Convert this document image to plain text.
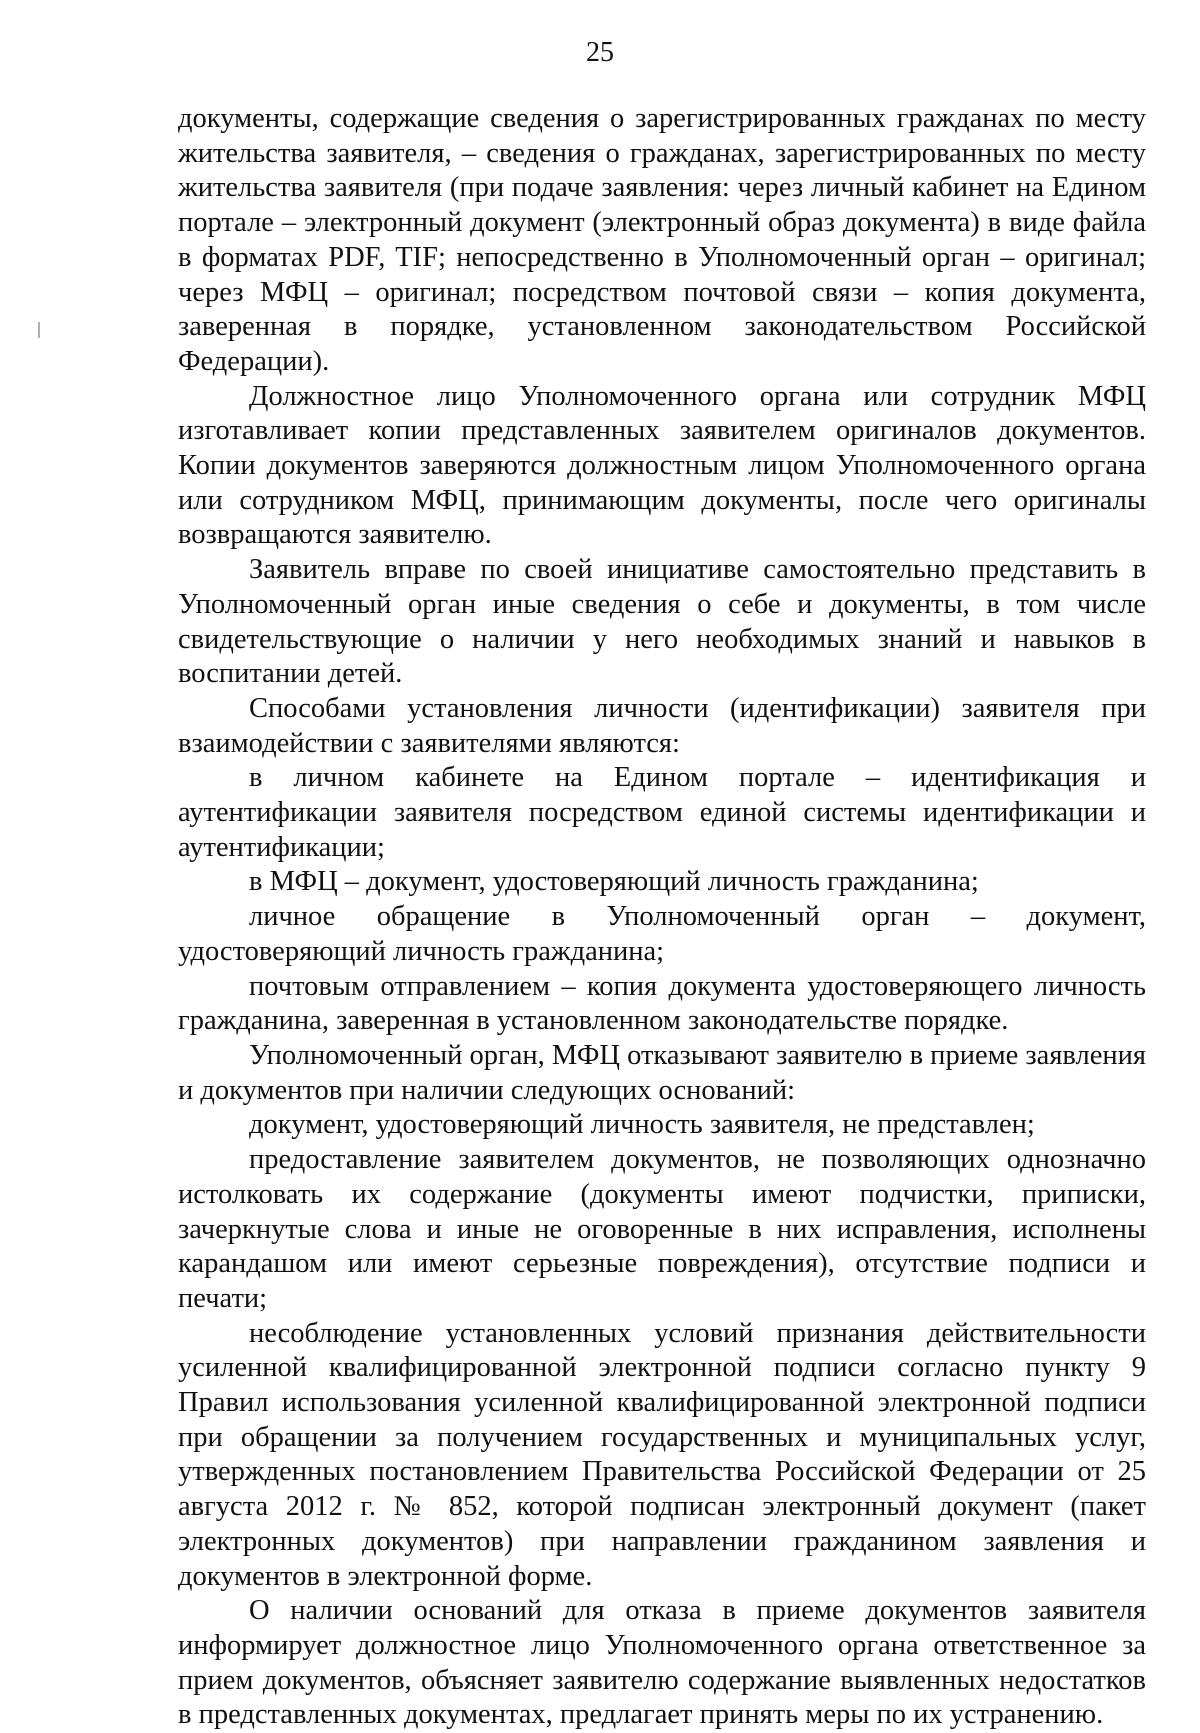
25

документы, содержащие сведения о зарегистрированных гражданах по месту жительства заявителя, – сведения о гражданах, зарегистрированных по месту жительства заявителя (при подаче заявления: через личный кабинет на Едином портале – электронный документ (электронный образ документа) в виде файла в форматах PDF, TIF; непосредственно в Уполномоченный орган – оригинал; через МФЦ – оригинал; посредством почтовой связи – копия документа, заверенная в порядке, установленном законодательством Российской Федерации).

Должностное лицо Уполномоченного органа или сотрудник МФЦ изготавливает копии представленных заявителем оригиналов документов. Копии документов заверяются должностным лицом Уполномоченного органа или сотрудником МФЦ, принимающим документы, после чего оригиналы возвращаются заявителю.

Заявитель вправе по своей инициативе самостоятельно представить в Уполномоченный орган иные сведения о себе и документы, в том числе свидетельствующие о наличии у него необходимых знаний и навыков в воспитании детей.

Способами установления личности (идентификации) заявителя при взаимодействии с заявителями являются:

в личном кабинете на Едином портале – идентификация и аутентификации заявителя посредством единой системы идентификации и аутентификации;

в МФЦ – документ, удостоверяющий личность гражданина;

личное обращение в Уполномоченный орган – документ, удостоверяющий личность гражданина;

почтовым отправлением – копия документа удостоверяющего личность гражданина, заверенная в установленном законодательстве порядке.

Уполномоченный орган, МФЦ отказывают заявителю в приеме заявления и документов при наличии следующих оснований:

документ, удостоверяющий личность заявителя, не представлен;

предоставление заявителем документов, не позволяющих однозначно истолковать их содержание (документы имеют подчистки, приписки, зачеркнутые слова и иные не оговоренные в них исправления, исполнены карандашом или имеют серьезные повреждения), отсутствие подписи и печати;

несоблюдение установленных условий признания действительности усиленной квалифицированной электронной подписи согласно пункту 9 Правил использования усиленной квалифицированной электронной подписи при обращении за получением государственных и муниципальных услуг, утвержденных постановлением Правительства Российской Федерации от 25 августа 2012 г. № 852, которой подписан электронный документ (пакет электронных документов) при направлении гражданином заявления и документов в электронной форме.

О наличии оснований для отказа в приеме документов заявителя информирует должностное лицо Уполномоченного органа ответственное за прием документов, объясняет заявителю содержание выявленных недостатков в представленных документах, предлагает принять меры по их устранению.
